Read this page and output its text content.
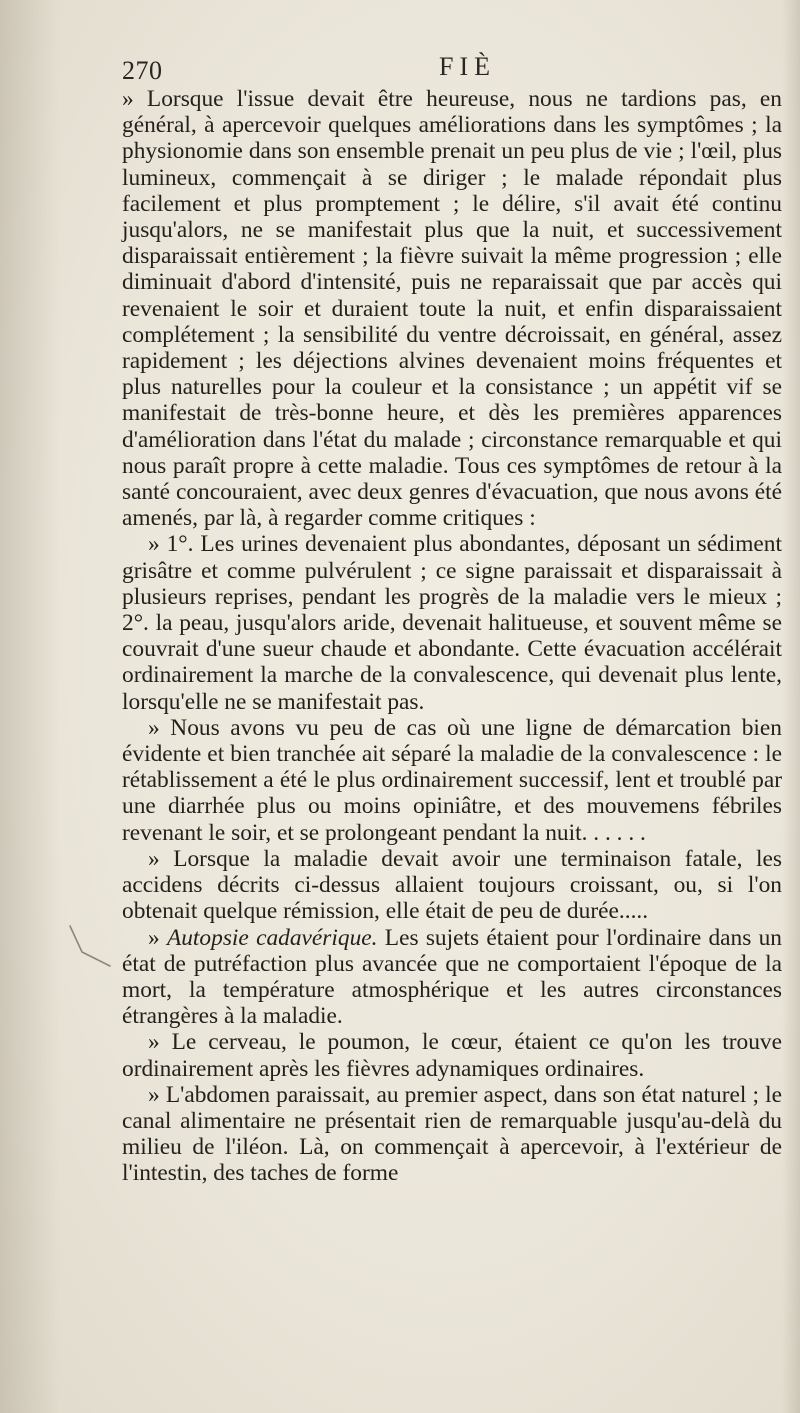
270	FIÈ

» Lorsque l'issue devait être heureuse, nous ne tardions pas, en général, à apercevoir quelques améliorations dans les symptômes ; la physionomie dans son ensemble prenait un peu plus de vie ; l'œil, plus lumineux, commençait à se diriger ; le malade répondait plus facilement et plus promptement ; le délire, s'il avait été continu jusqu'alors, ne se manifestait plus que la nuit, et successivement disparaissait entièrement ; la fièvre suivait la même progression ; elle diminuait d'abord d'intensité, puis ne reparaissait que par accès qui revenaient le soir et duraient toute la nuit, et enfin disparaissaient complétement ; la sensibilité du ventre décroissait, en général, assez rapidement ; les déjections alvines devenaient moins fréquentes et plus naturelles pour la couleur et la consistance ; un appétit vif se manifestait de très-bonne heure, et dès les premières apparences d'amélioration dans l'état du malade ; circonstance remarquable et qui nous paraît propre à cette maladie. Tous ces symptômes de retour à la santé concouraient, avec deux genres d'évacuation, que nous avons été amenés, par là, à regarder comme critiques :

» 1°. Les urines devenaient plus abondantes, déposant un sédiment grisâtre et comme pulvérulent ; ce signe paraissait et disparaissait à plusieurs reprises, pendant les progrès de la maladie vers le mieux ; 2°. la peau, jusqu'alors aride, devenait halitueuse, et souvent même se couvrait d'une sueur chaude et abondante. Cette évacuation accélérait ordinairement la marche de la convalescence, qui devenait plus lente, lorsqu'elle ne se manifestait pas.

» Nous avons vu peu de cas où une ligne de démarcation bien évidente et bien tranchée ait séparé la maladie de la convalescence : le rétablissement a été le plus ordinairement successif, lent et troublé par une diarrhée plus ou moins opiniâtre, et des mouvemens fébriles revenant le soir, et se prolongeant pendant la nuit. . . . . .

» Lorsque la maladie devait avoir une terminaison fatale, les accidens décrits ci-dessus allaient toujours croissant, ou, si l'on obtenait quelque rémission, elle était de peu de durée.....

» Autopsie cadavérique. Les sujets étaient pour l'ordinaire dans un état de putréfaction plus avancée que ne comportaient l'époque de la mort, la température atmosphérique et les autres circonstances étrangères à la maladie.

» Le cerveau, le poumon, le cœur, étaient ce qu'on les trouve ordinairement après les fièvres adynamiques ordinaires.

» L'abdomen paraissait, au premier aspect, dans son état naturel ; le canal alimentaire ne présentait rien de remarquable jusqu'au-delà du milieu de l'iléon. Là, on commençait à apercevoir, à l'extérieur de l'intestin, des taches de forme
